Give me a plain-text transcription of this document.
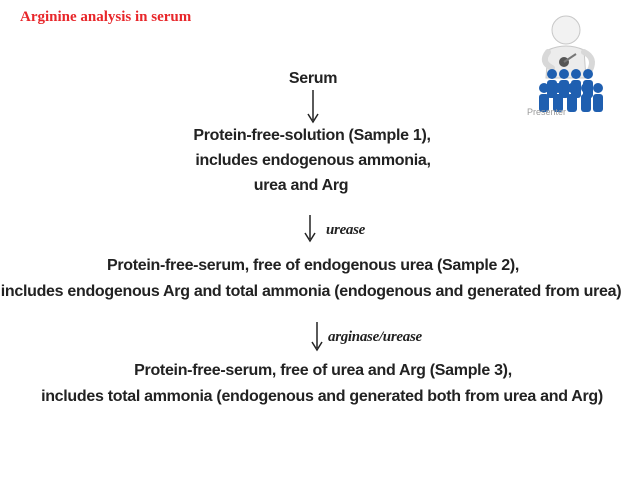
Arginine analysis in serum
Presenter
Serum
Protein-free-solution (Sample 1),
includes endogenous ammonia,
urea and Arg
urease
Protein-free-serum, free of endogenous urea (Sample 2),
includes endogenous Arg and total ammonia (endogenous and generated from urea)
arginase/urease
Protein-free-serum, free of urea and Arg (Sample 3),
includes total ammonia (endogenous and generated both from urea and Arg)
